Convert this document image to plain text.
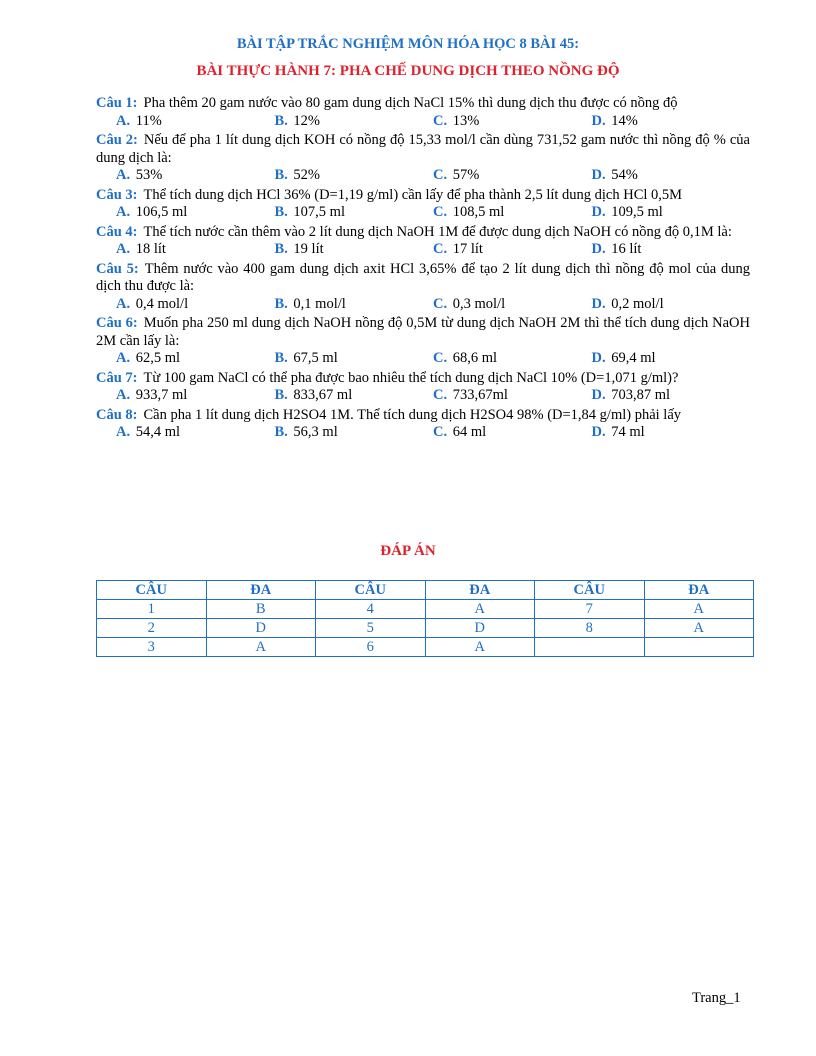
BÀI TẬP TRẮC NGHIỆM MÔN HÓA HỌC 8 BÀI 45:
BÀI THỰC HÀNH 7: PHA CHẾ DUNG DỊCH THEO NỒNG ĐỘ
Câu 1: Pha thêm 20 gam nước vào 80 gam dung dịch NaCl 15% thì dung dịch thu được có nồng độ
A. 11%	B. 12%	C. 13%	D. 14%
Câu 2: Nếu để pha 1 lít dung dịch KOH có nồng độ 15,33 mol/l cần dùng 731,52 gam nước thì nồng độ % của dung dịch là:
A. 53%	B. 52%	C. 57%	D. 54%
Câu 3: Thể tích dung dịch HCl 36% (D=1,19 g/ml) cần lấy để pha thành 2,5 lít dung dịch HCl 0,5M
A. 106,5 ml	B. 107,5 ml	C. 108,5 ml	D. 109,5 ml
Câu 4: Thể tích nước cần thêm vào 2 lít dung dịch NaOH 1M để được dung dịch NaOH có nồng độ 0,1M là:
A. 18 lít	B. 19 lít	C. 17 lít	D. 16 lít
Câu 5: Thêm nước vào 400 gam dung dịch axit HCl 3,65% để tạo 2 lít dung dịch thì nồng độ mol của dung dịch thu được là:
A. 0,4 mol/l	B. 0,1 mol/l	C. 0,3 mol/l	D. 0,2 mol/l
Câu 6: Muốn pha 250 ml dung dịch NaOH nồng độ 0,5M từ dung dịch NaOH 2M thì thể tích dung dịch NaOH 2M cần lấy là:
A. 62,5 ml	B. 67,5 ml	C. 68,6 ml	D. 69,4 ml
Câu 7: Từ 100 gam NaCl có thể pha được bao nhiêu thể tích dung dịch NaCl 10% (D=1,071 g/ml)?
A. 933,7 ml	B. 833,67 ml	C. 733,67ml	D. 703,87 ml
Câu 8: Cần pha 1 lít dung dịch H2SO4 1M. Thể tích dung dịch H2SO4 98% (D=1,84 g/ml) phải lấy
A. 54,4 ml	B. 56,3 ml	C. 64 ml	D. 74 ml
ĐÁP ÁN
CÂU	ĐA	CÂU	ĐA	CÂU	ĐA
1	B	4	A	7	A
2	D	5	D	8	A
3	A	6	A		
Trang_1
